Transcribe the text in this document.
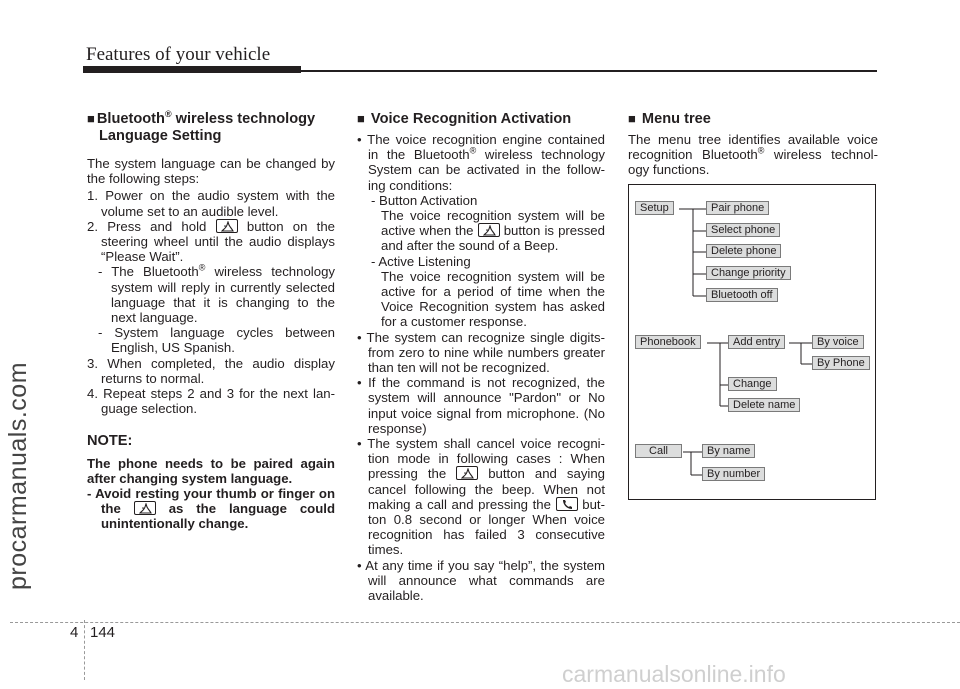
Features of your vehicle
procarmanuals.com
■ Bluetooth® wireless technology
Language Setting

The system language can be changed by the following steps:

1. Power on the audio system with the volume set to an audible level.
2. Press and hold	button on the steering wheel until the audio displays “Please Wait”.
- The Bluetooth® wireless technology system will reply in currently selected language that it is changing to the next language.
- System language cycles between English, US Spanish.
3. When completed, the audio display returns to normal.
4. Repeat steps 2 and 3 for the next lan- guage selection.
NOTE:

The phone needs to be paired again after changing system language.

- Avoid resting your thumb or finger on the	as the language could unintentionally change.
■ Voice Recognition Activation
• The voice recognition engine contained in the Bluetooth® wireless technology System can be activated in the follow- ing conditions:
- Button Activation
The voice recognition system will be active when the button is pressed and after the sound of a Beep.
- Active Listening
The voice recognition system will be active for a period of time when the Voice Recognition system has asked for a customer response.
• The system can recognize single digits- from zero to nine while numbers greater than ten will not be recognized.
• If the command is not recognized, the system will announce "Pardon" or No input voice signal from microphone. (No response)
• The system shall cancel voice recogni- tion mode in following cases : When pressing the	button and saying cancel following the beep. When not making a call and pressing the but- ton 0.8 second or longer When voice recognition has failed 3 consecutive times.
• At any time if you say “help”, the system will announce what commands are available.
■ Menu tree

The menu tree identifies available voice recognition Bluetooth® wireless technol- ogy functions.

Setup	Pair phone
Select phone
Delete phone
Change priority
Bluetooth off
Phonebook	Add entry	By voice
By Phone
Change
Delete name
Call	By name
By number
4 144
carmanualsonline.info
